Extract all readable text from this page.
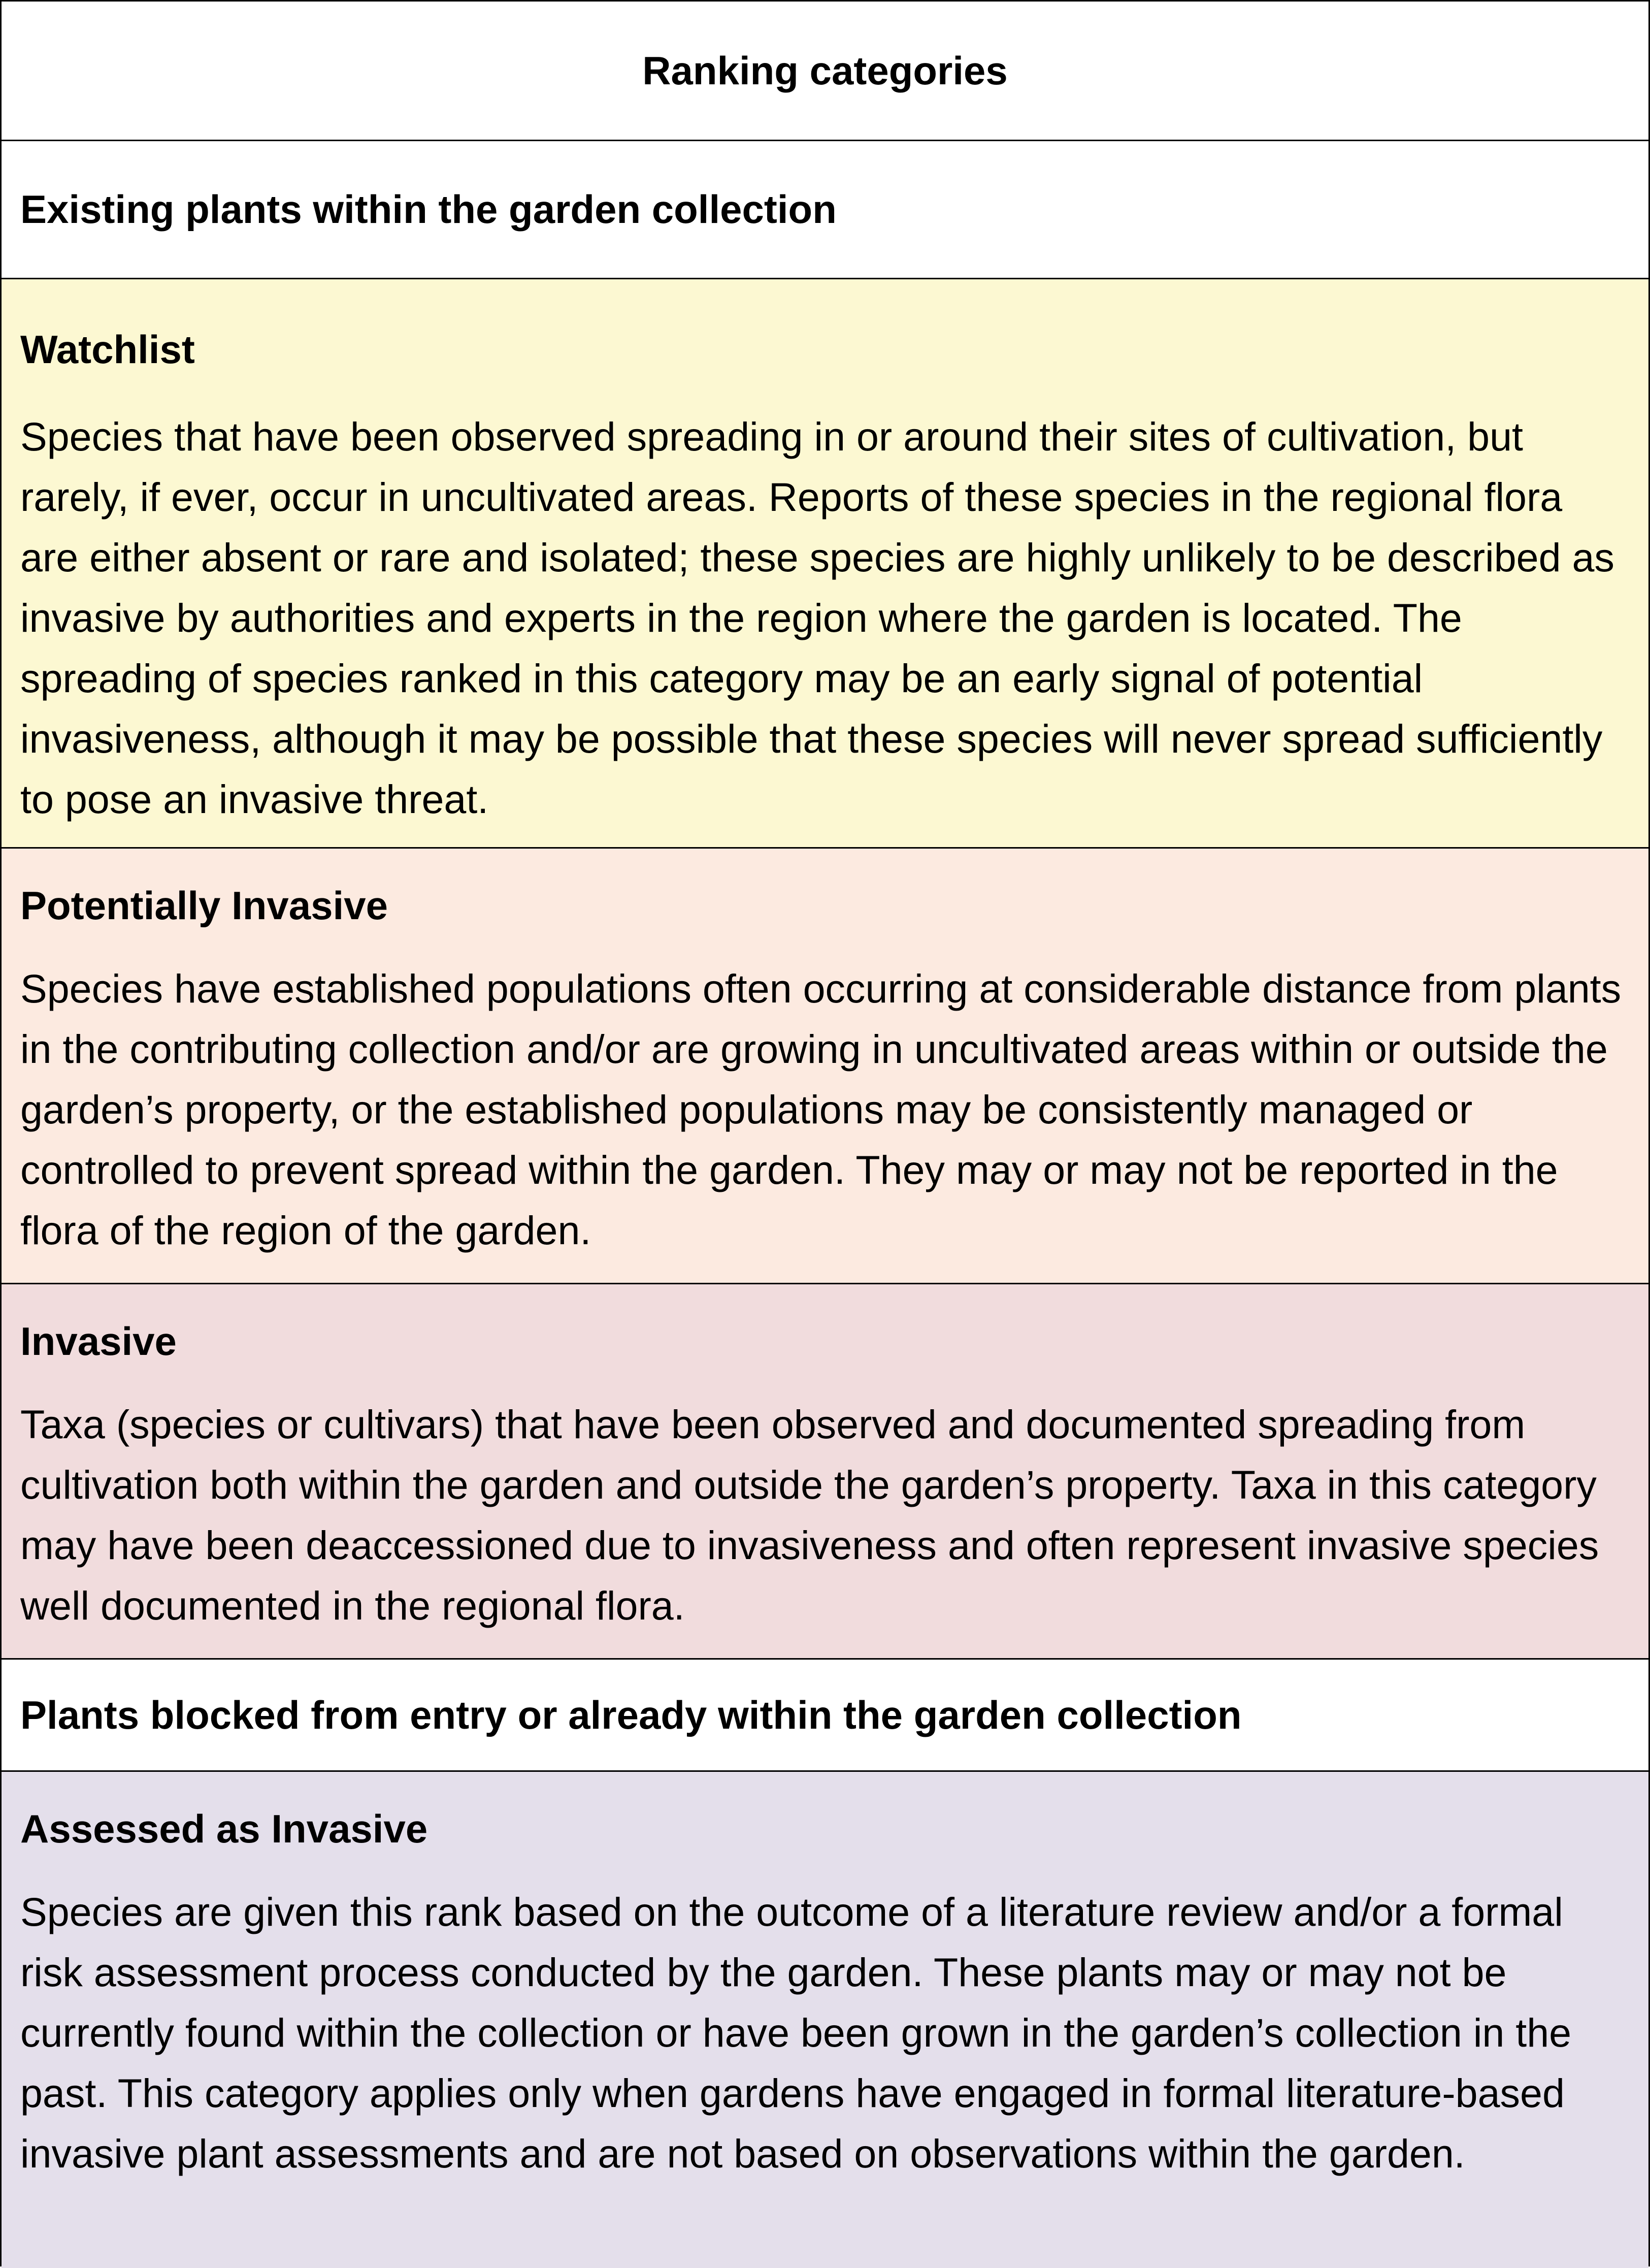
Ranking categories
Existing plants within the garden collection
Watchlist

Species that have been observed spreading in or around their sites of cultivation, but rarely, if ever, occur in uncultivated areas. Reports of these species in the regional flora are either absent or rare and isolated; these species are highly unlikely to be described as invasive by authorities and experts in the region where the garden is located. The spreading of species ranked in this category may be an early signal of potential invasiveness, although it may be possible that these species will never spread sufficiently to pose an invasive threat.

Potentially Invasive

Species have established populations often occurring at considerable distance from plants in the contributing collection and/or are growing in uncultivated areas within or outside the garden’s property, or the established populations may be consistently managed or controlled to prevent spread within the garden. They may or may not be reported in the flora of the region of the garden.

Invasive

Taxa (species or cultivars) that have been observed and documented spreading from cultivation both within the garden and outside the garden’s property. Taxa in this category may have been deaccessioned due to invasiveness and often represent invasive species well documented in the regional flora.

Plants blocked from entry or already within the garden collection
Assessed as Invasive

Species are given this rank based on the outcome of a literature review and/or a formal risk assessment process conducted by the garden. These plants may or may not be currently found within the collection or have been grown in the garden’s collection in the past. This category applies only when gardens have engaged in formal literature-based invasive plant assessments and are not based on observations within the garden.
